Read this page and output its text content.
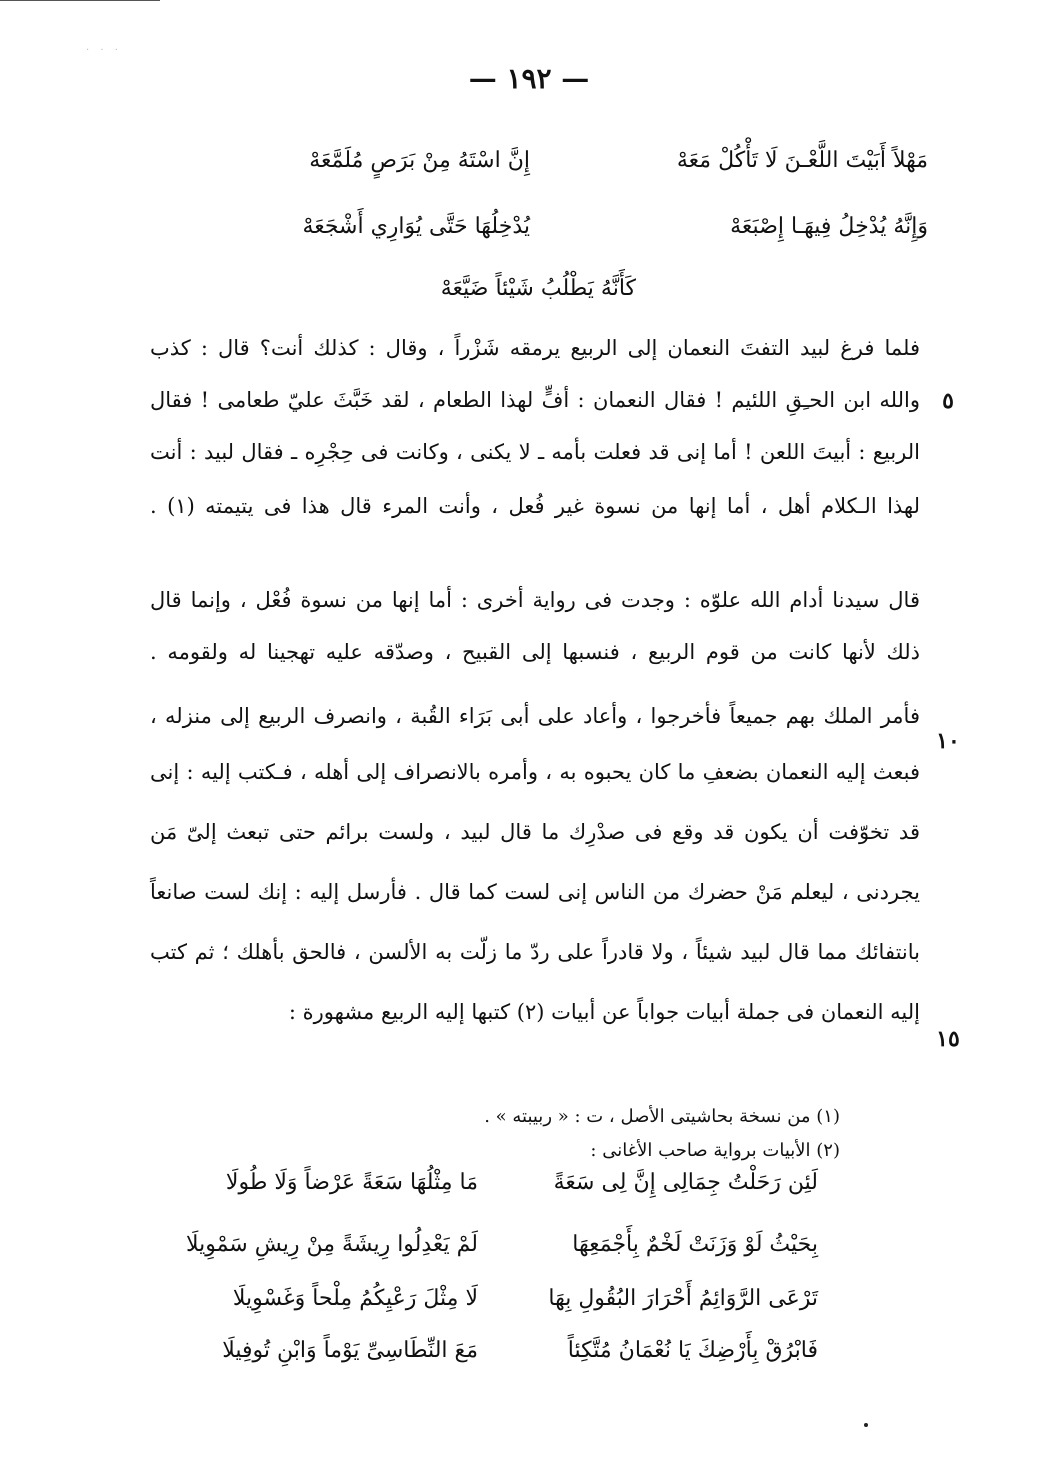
. . .
— ١٩٢ —
مَهْلاً أَبَيْتَ اللَّعْـنَ لَا تَأْكُلْ مَعَهْ
إِنَّ اسْتَهُ مِنْ بَرَصٍ مُلَمَّعَهْ
وَإِنَّهُ يُدْخِلُ فِيهَـا إِصْبَعَهْ
يُدْخِلُهَا حَتَّى يُوَارِي أَشْجَعَهْ
كَأَنَّهُ يَطْلُبُ شَيْئاً ضَيَّعَهْ
فلما فرغ لبيد التفتَ النعمان إلى الربيع يرمقه شَزْراً ، وقال : كذلك أنت؟ قال : كذب
٥
والله ابن الحـِقِ اللئيم ! فقال النعمان : أفٍّ لهذا الطعام ، لقد خَبَّثَ عليّ طعامى ! فقال
الربيع : أبيتَ اللعن ! أما إنى قد فعلت بأمه ـ لا يكنى ، وكانت فى حِجْرِه ـ فقال لبيد : أنت
لهذا الـكلام أهل ، أما إنها من نسوة غير فُعل ، وأنت المرء قال هذا فى يتيمته (١) .
قال سيدنا أدام الله علوّه : وجدت فى رواية أخرى : أما إنها من نسوة فُعْل ، وإنما قال
ذلك لأنها كانت من قوم الربيع ، فنسبها إلى القبيح ، وصدّقه عليه تهجينا له ولقومه .
١٠
فأمر الملك بهم جميعاً فأخرجوا ، وأعاد على أبى بَرَاء القُبة ، وانصرف الربيع إلى منزله ،
فبعث إليه النعمان بضعفِ ما كان يحبوه به ، وأمره بالانصراف إلى أهله ، فـكتب إليه : إنى
قد تخوّفت أن يكون قد وقع فى صدْرِك ما قال لبيد ، ولست برائم حتى تبعث إلىّ مَن
يجردنى ، ليعلم مَنْ حضرك من الناس إنى لست كما قال . فأرسل إليه : إنك لست صانعاً
بانتفائك مما قال لبيد شيئاً ، ولا قادراً على ردّ ما زلّت به الألسن ، فالحق بأهلك ؛ ثم كتب
١٥
إليه النعمان فى جملة أبيات جواباً عن أبيات (٢) كتبها إليه الربيع مشهورة :
(١) من نسخة بحاشيتى الأصل ، ت : « ربيبته » .
(٢) الأبيات برواية صاحب الأغانى :
لَئِن رَحَلْتُ جِمَالِى إِنَّ لِى سَعَةً
مَا مِثْلُهَا سَعَةً عَرْضاً وَلَا طُولَا
بِحَيْثُ لَوْ وَزَنَتْ لَخْمٌ بِأَجْمَعِهَا
لَمْ يَعْدِلُوا رِيشَةً مِنْ رِيشِ سَمْوِيلَا
تَرْعَى الرَّوَائِمُ أَحْرَارَ البُقُولِ بِهَا
لَا مِثْلَ رَعْيِكُمُ مِلْحاً وَغَسْوِيلَا
فَابْرُقْ بِأَرْضِكَ يَا نُعْمَانُ مُتَّكِئاً
مَعَ النِّطَاسِىِّ يَوْماً وَابْنِ تُوفِيلَا
